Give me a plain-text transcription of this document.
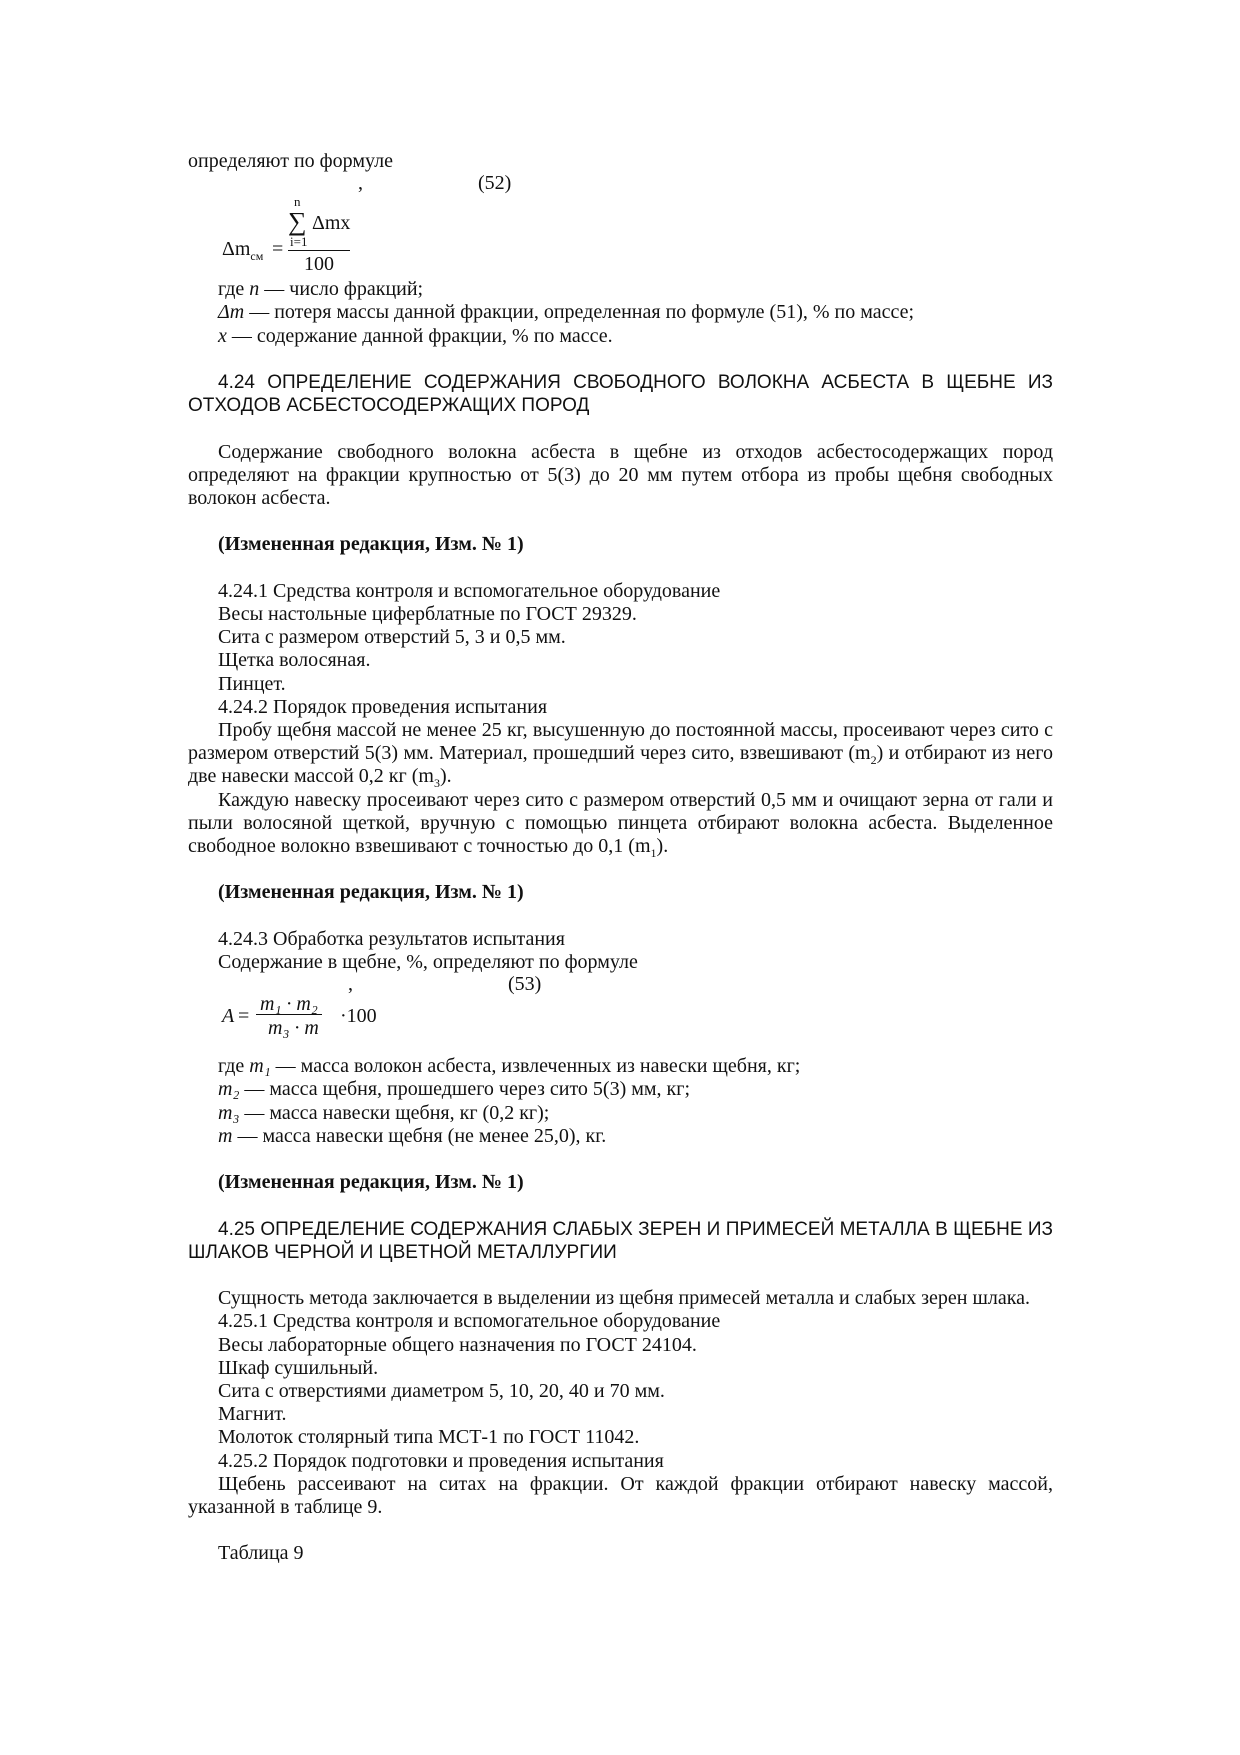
определяют по формуле

,	(52)
n
∑ Δmx
i=1
100
$\Delta m_{см}$ =

где n — число фракций;

Δm — потеря массы данной фракции, определенная по формуле (51), % по массе;

x — содержание данной фракции, % по массе.

4.24 ОПРЕДЕЛЕНИЕ СОДЕРЖАНИЯ СВОБОДНОГО ВОЛОКНА АСБЕСТА В ЩЕБНЕ ИЗ ОТХОДОВ АСБЕСТОСОДЕРЖАЩИХ ПОРОД

Содержание свободного волокна асбеста в щебне из отходов асбестосодержащих пород определяют на фракции крупностью от 5(3) до 20 мм путем отбора из пробы щебня свободных волокон асбеста.

(Измененная редакция, Изм. № 1)

4.24.1 Средства контроля и вспомогательное оборудование

Весы настольные циферблатные по ГОСТ 29329.

Сита с размером отверстий 5, 3 и 0,5 мм.

Щетка волосяная.

Пинцет.

4.24.2 Порядок проведения испытания

Пробу щебня массой не менее 25 кг, высушенную до постоянной массы, просеивают через сито с размером отверстий 5(3) мм. Материал, прошедший через сито, взвешивают $(m_2)$ и отбирают из него две навески массой 0,2 кг $(m_3)$.

Каждую навеску просеивают через сито с размером отверстий 0,5 мм и очищают зерна от гали и пыли волосяной щеткой, вручную с помощью пинцета отбирают волокна асбеста. Выделенное свободное волокно взвешивают с точностью до 0,1 $(m_1)$.

(Измененная редакция, Изм. № 1)

4.24.3 Обработка результатов испытания

Содержание в щебне, %, определяют по формуле

,	(53)
A =
m₁ · m₂
m₃ · m
·100

где m₁ — масса волокон асбеста, извлеченных из навески щебня, кг;

m₂ — масса щебня, прошедшего через сито 5(3) мм, кг;

m₃ — масса навески щебня, кг (0,2 кг);

m — масса навески щебня (не менее 25,0), кг.

(Измененная редакция, Изм. № 1)

4.25 ОПРЕДЕЛЕНИЕ СОДЕРЖАНИЯ СЛАБЫХ ЗЕРЕН И ПРИМЕСЕЙ МЕТАЛЛА В ЩЕБНЕ ИЗ ШЛАКОВ ЧЕРНОЙ И ЦВЕТНОЙ МЕТАЛЛУРГИИ

Сущность метода заключается в выделении из щебня примесей металла и слабых зерен шлака.

4.25.1 Средства контроля и вспомогательное оборудование

Весы лабораторные общего назначения по ГОСТ 24104.

Шкаф сушильный.

Сита с отверстиями диаметром 5, 10, 20, 40 и 70 мм.

Магнит.

Молоток столярный типа МСТ-1 по ГОСТ 11042.

4.25.2 Порядок подготовки и проведения испытания

Щебень рассеивают на ситах на фракции. От каждой фракции отбирают навеску массой, указанной в таблице 9.

Таблица 9
